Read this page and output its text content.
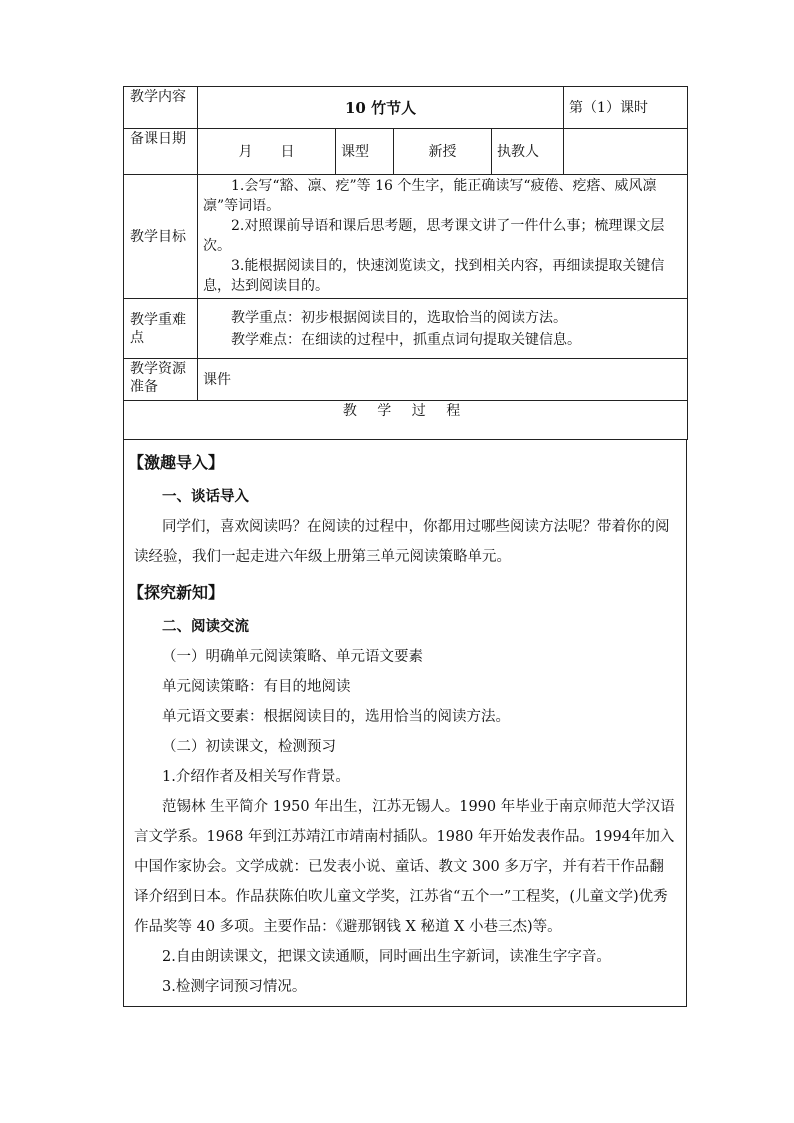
教学内容	10 竹节人				第（1）课时
备课日期	月　　日	课型	新授	执教人	
教学目标	1.会写“豁、凛、疙”等 16 个生字，能正确读写“疲倦、疙瘩、威风凛凛”等词语。

2.对照课前导语和课后思考题，思考课文讲了一件什么事；梳理课文层次。

3.能根据阅读目的，快速浏览读文，找到相关内容，再细读提取关键信息，达到阅读目的。				

教学重难点	教学重点：初步根据阅读目的，选取恰当的阅读方法。

教学难点：在细读的过程中，抓重点词句提取关键信息。				

教学资源准备	课件				
教 学 过 程					
【激趣导入】

一、谈话导入

同学们，喜欢阅读吗？在阅读的过程中，你都用过哪些阅读方法呢？带着你的阅读经验，我们一起走进六年级上册第三单元阅读策略单元。

【探究新知】

二、阅读交流

（一）明确单元阅读策略、单元语文要素

单元阅读策略：有目的地阅读

单元语文要素：根据阅读目的，选用恰当的阅读方法。

（二）初读课文，检测预习

1.介绍作者及相关写作背景。

范锡林 生平简介 1950 年出生，江苏无锡人。1990 年毕业于南京师范大学汉语言文学系。1968 年到江苏靖江市靖南村插队。1980 年开始发表作品。1994年加入中国作家协会。文学成就：已发表小说、童话、教文 300 多万字，并有若干作品翻译介绍到日本。作品获陈伯吹儿童文学奖，江苏省“五个一”工程奖，(儿童文学)优秀作品奖等 40 多项。主要作品：《避那钢钱 X 秘道 X 小巷三杰)等。

2.自由朗读课文，把课文读通顺，同时画出生字新词，读准生字字音。

3.检测字词预习情况。
